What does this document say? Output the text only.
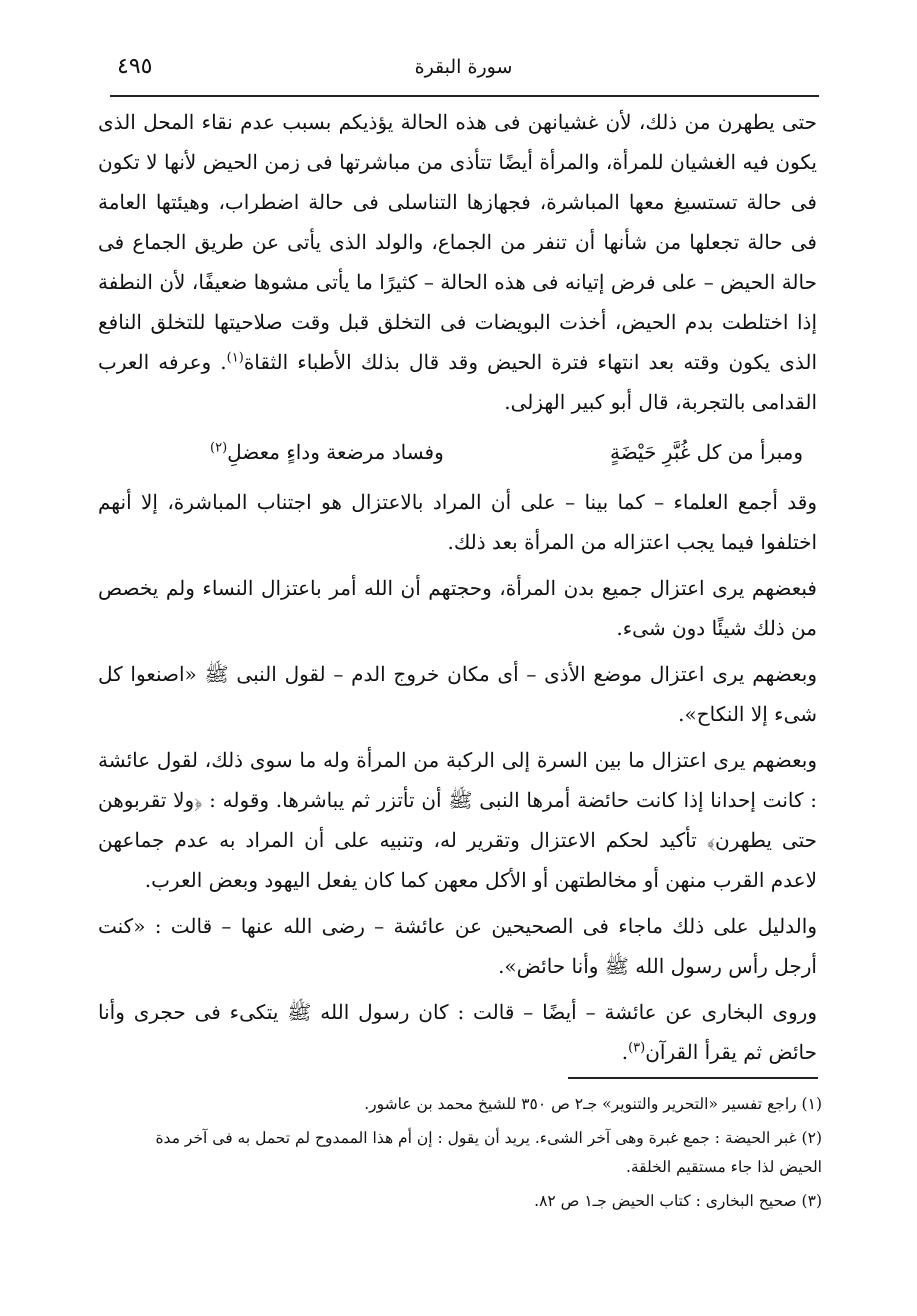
سورة البقرة
٤٩٥

حتى يطهرن من ذلك، لأن غشيانهن فى هذه الحالة يؤذيكم بسبب عدم نقاء المحل الذى يكون فيه الغشيان للمرأة، والمرأة أيضًا تتأذى من مباشرتها فى زمن الحيض لأنها لا تكون فى حالة تستسيغ معها المباشرة، فجهازها التناسلى فى حالة اضطراب، وهيئتها العامة فى حالة تجعلها من شأنها أن تنفر من الجماع، والولد الذى يأتى عن طريق الجماع فى حالة الحيض – على فرض إتيانه فى هذه الحالة – كثيرًا ما يأتى مشوها ضعيفًا، لأن النطفة إذا اختلطت بدم الحيض، أخذت البويضات فى التخلق قبل وقت صلاحيتها للتخلق النافع الذى يكون وقته بعد انتهاء فترة الحيض وقد قال بذلك الأطباء الثقاة$^{(١)}$. وعرفه العرب القدامى بالتجربة، قال أبو كبير الهزلى.

ومبرأ من كل غُبَّرِ حَيْضَةٍ
وفساد مرضعة وداءٍ معضلِ$^{(٢)}$

وقد أجمع العلماء – كما بينا – على أن المراد بالاعتزال هو اجتناب المباشرة، إلا أنهم اختلفوا فيما يجب اعتزاله من المرأة بعد ذلك.

فبعضهم يرى اعتزال جميع بدن المرأة، وحجتهم أن الله أمر باعتزال النساء ولم يخصص من ذلك شيئًا دون شىء.

وبعضهم يرى اعتزال موضع الأذى – أى مكان خروج الدم – لقول النبى ﷺ «اصنعوا كل شىء إلا النكاح».

وبعضهم يرى اعتزال ما بين السرة إلى الركبة من المرأة وله ما سوى ذلك، لقول عائشة : كانت إحدانا إذا كانت حائضة أمرها النبى ﷺ أن تأتزر ثم يباشرها. وقوله : ﴿ولا تقربوهن حتى يطهرن﴾ تأكيد لحكم الاعتزال وتقرير له، وتنبيه على أن المراد به عدم جماعهن لاعدم القرب منهن أو مخالطتهن أو الأكل معهن كما كان يفعل اليهود وبعض العرب.

والدليل على ذلك ماجاء فى الصحيحين عن عائشة – رضى الله عنها – قالت : «كنت أرجل رأس رسول الله ﷺ وأنا حائض».

وروى البخارى عن عائشة – أيضًا – قالت : كان رسول الله ﷺ يتكىء فى حجرى وأنا حائض ثم يقرأ القرآن$^{(٣)}$.

(١) راجع تفسير «التحرير والتنوير» جـ٢ ص ٣٥٠ للشيخ محمد بن عاشور.

(٢) غبر الحيضة : جمع غبرة وهى آخر الشىء. يريد أن يقول : إن أم هذا الممدوح لم تحمل به فى آخر مدة الحيض لذا جاء مستقيم الخلقة.

(٣) صحيح البخارى : كتاب الحيض جـ١ ص ٨٢.
